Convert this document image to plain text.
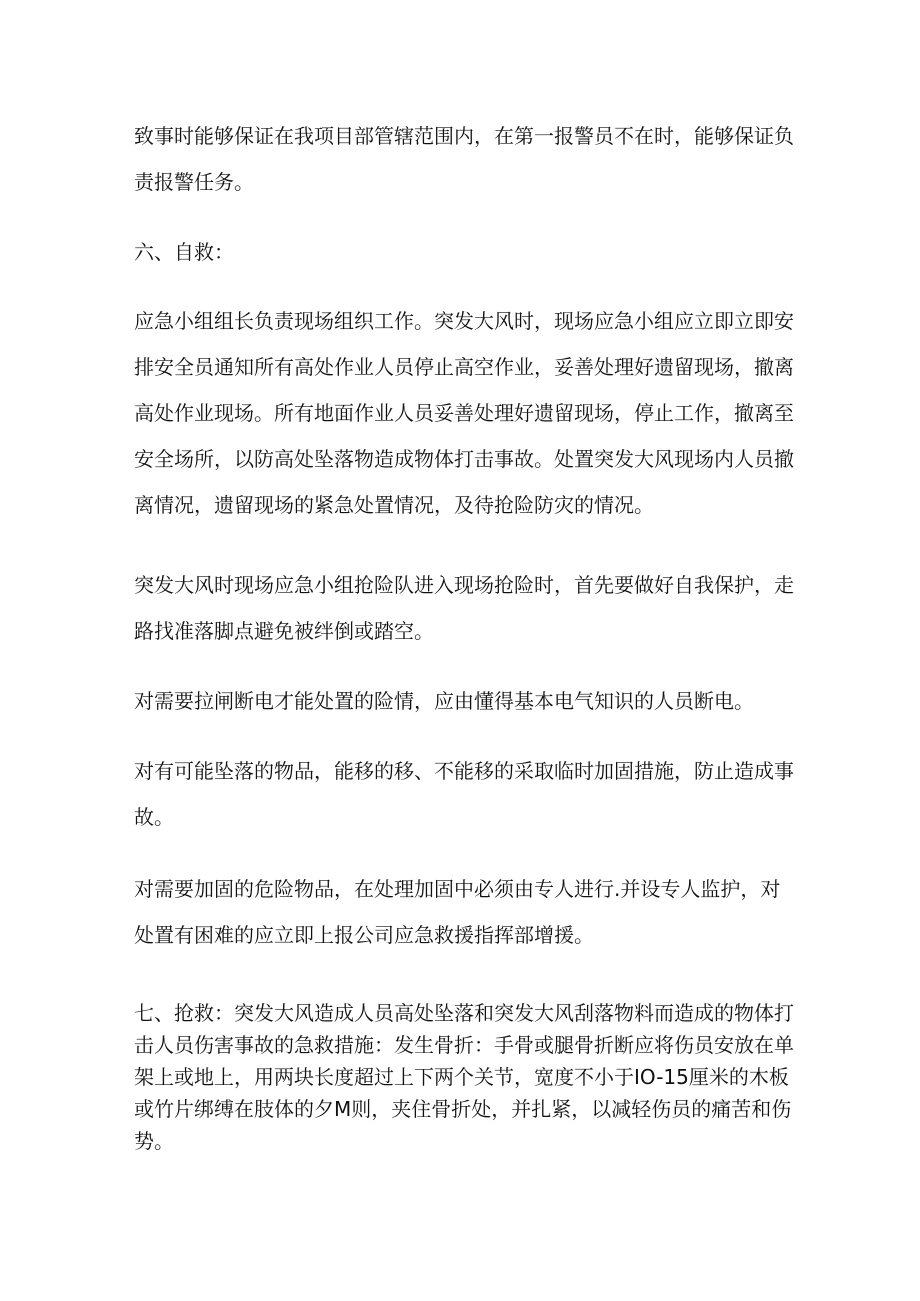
致事时能够保证在我项目部管辖范围内，在第一报警员不在时，能够保证负
责报警任务。
六、自救：
应急小组组长负责现场组织工作。突发大风时，现场应急小组应立即立即安
排安全员通知所有高处作业人员停止高空作业，妥善处理好遗留现场，撤离
高处作业现场。所有地面作业人员妥善处理好遗留现场，停止工作，撤离至
安全场所，以防高处坠落物造成物体打击事故。处置突发大风现场内人员撤
离情况，遗留现场的紧急处置情况，及待抢险防灾的情况。
突发大风时现场应急小组抢险队进入现场抢险时，首先要做好自我保护，走
路找准落脚点避免被绊倒或踏空。
对需要拉闸断电才能处置的险情，应由懂得基本电气知识的人员断电。
对有可能坠落的物品，能移的移、不能移的采取临时加固措施，防止造成事
故。
对需要加固的危险物品，在处理加固中必须由专人进行.并设专人监护，对
处置有困难的应立即上报公司应急救援指挥部增援。
七、抢救：突发大风造成人员高处坠落和突发大风刮落物料而造成的物体打
击人员伤害事故的急救措施：发生骨折：手骨或腿骨折断应将伤员安放在单
架上或地上，用两块长度超过上下两个关节，宽度不小于IO-15厘米的木板
或竹片绑缚在肢体的夕M则，夹住骨折处，并扎紧，以减轻伤员的痛苦和伤
势。
